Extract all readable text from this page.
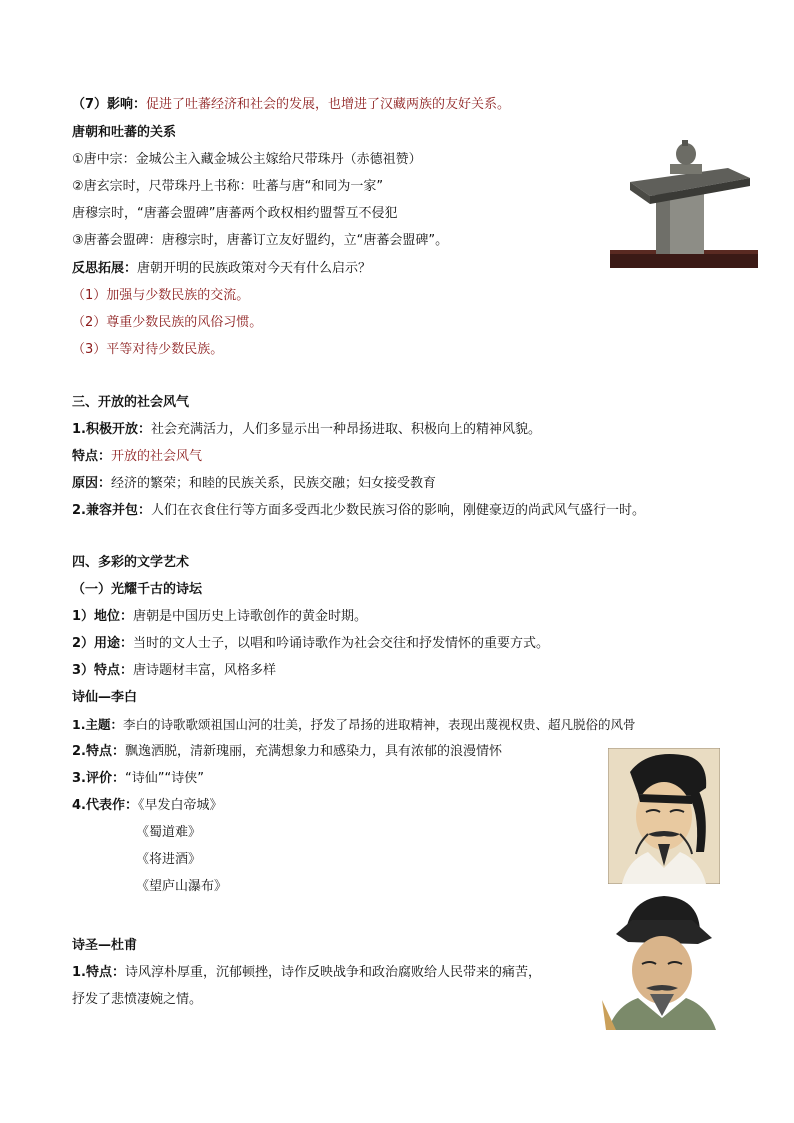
（7）影响：促进了吐蕃经济和社会的发展，也增进了汉藏两族的友好关系。
唐朝和吐蕃的关系
①唐中宗：金城公主入藏金城公主嫁给尺带珠丹（赤德祖赞）
②唐玄宗时，尺带珠丹上书称：吐蕃与唐“和同为一家”
唐穆宗时，“唐蕃会盟碑”唐蕃两个政权相约盟誓互不侵犯
③唐蕃会盟碑：唐穆宗时，唐蕃订立友好盟约，立“唐蕃会盟碑”。
反思拓展：唐朝开明的民族政策对今天有什么启示？
（1）加强与少数民族的交流。
（2）尊重少数民族的风俗习惯。
（3）平等对待少数民族。
三、开放的社会风气
1.积极开放：社会充满活力，人们多显示出一种昂扬进取、积极向上的精神风貌。
特点：开放的社会风气
原因：经济的繁荣；和睦的民族关系，民族交融；妇女接受教育
2.兼容并包：人们在衣食住行等方面多受西北少数民族习俗的影响，刚健豪迈的尚武风气盛行一时。
四、多彩的文学艺术
（一）光耀千古的诗坛
1）地位：唐朝是中国历史上诗歌创作的黄金时期。
2）用途：当时的文人士子，以唱和吟诵诗歌作为社会交往和抒发情怀的重要方式。
3）特点：唐诗题材丰富，风格多样
诗仙—李白
1.主题：李白的诗歌歌颂祖国山河的壮美，抒发了昂扬的进取精神，表现出蔑视权贵、超凡脱俗的风骨
2.特点：飘逸洒脱，清新瑰丽，充满想象力和感染力，具有浓郁的浪漫情怀
3.评价：“诗仙”“诗侠”
4.代表作：《早发白帝城》
《蜀道难》
《将进酒》
《望庐山瀑布》
诗圣—杜甫
1.特点：诗风淳朴厚重，沉郁顿挫，诗作反映战争和政治腐败给人民带来的痛苦，
抒发了悲愤凄婉之情。
